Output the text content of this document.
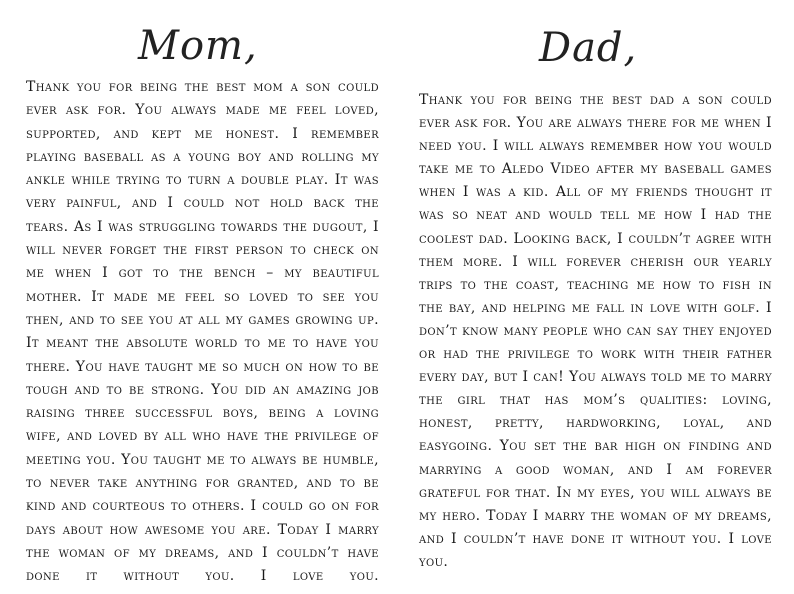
Mom,

Thank you for being the best mom a son could ever ask for. You always made me feel loved, supported, and kept me honest. I remember playing baseball as a young boy and rolling my ankle while trying to turn a double play. It was very painful, and I could not hold back the tears. As I was struggling towards the dugout, I will never forget the first person to check on me when I got to the bench – my beautiful mother. It made me feel so loved to see you then, and to see you at all my games growing up. It meant the absolute world to me to have you there. You have taught me so much on how to be tough and to be strong. You did an amazing job raising three successful boys, being a loving wife, and loved by all who have the privilege of meeting you. You taught me to always be humble, to never take anything for granted, and to be kind and courteous to others. I could go on for days about how awesome you are. Today I marry the woman of my dreams, and I couldn’t have done it without you. I love you.

Dad,

Thank you for being the best dad a son could ever ask for. You are always there for me when I need you. I will always remember how you would take me to Aledo Video after my baseball games when I was a kid. All of my friends thought it was so neat and would tell me how I had the coolest dad. Looking back, I couldn’t agree with them more. I will forever cherish our yearly trips to the coast, teaching me how to fish in the bay, and helping me fall in love with golf. I don’t know many people who can say they enjoyed or had the privilege to work with their father every day, but I can! You always told me to marry the girl that has mom’s qualities: loving, honest, pretty, hardworking, loyal, and easygoing. You set the bar high on finding and marrying a good woman, and I am forever grateful for that. In my eyes, you will always be my hero. Today I marry the woman of my dreams, and I couldn’t have done it without you. I love you.
